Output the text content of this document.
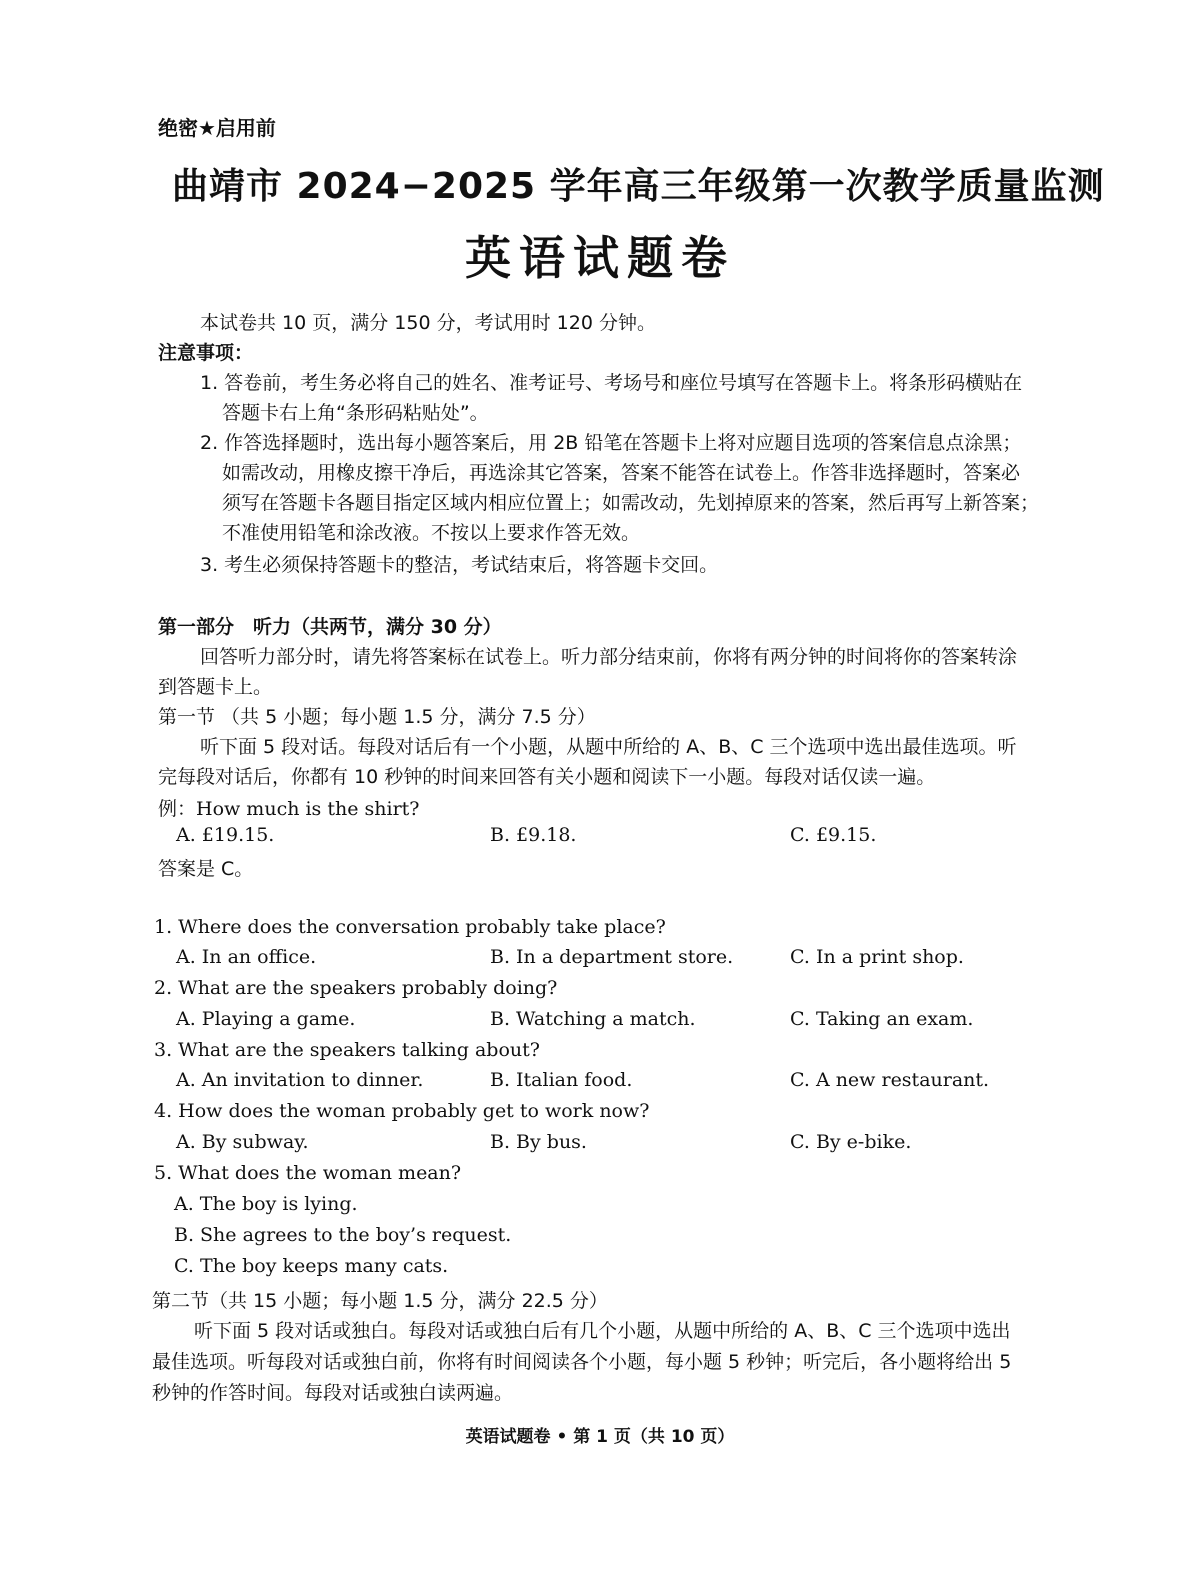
绝密★启用前
曲靖市 2024−2025 学年高三年级第一次教学质量监测
英语试题卷
本试卷共 10 页，满分 150 分，考试用时 120 分钟。
注意事项：
1. 答卷前，考生务必将自己的姓名、准考证号、考场号和座位号填写在答题卡上。将条形码横贴在
答题卡右上角“条形码粘贴处”。
2. 作答选择题时，选出每小题答案后，用 2B 铅笔在答题卡上将对应题目选项的答案信息点涂黑；
如需改动，用橡皮擦干净后，再选涂其它答案，答案不能答在试卷上。作答非选择题时，答案必
须写在答题卡各题目指定区域内相应位置上；如需改动，先划掉原来的答案，然后再写上新答案；
不准使用铅笔和涂改液。不按以上要求作答无效。
3. 考生必须保持答题卡的整洁，考试结束后，将答题卡交回。
第一部分　听力（共两节，满分 30 分）
回答听力部分时，请先将答案标在试卷上。听力部分结束前，你将有两分钟的时间将你的答案转涂
到答题卡上。
第一节 （共 5 小题；每小题 1.5 分，满分 7.5 分）
听下面 5 段对话。每段对话后有一个小题，从题中所给的 A、B、C 三个选项中选出最佳选项。听
完每段对话后，你都有 10 秒钟的时间来回答有关小题和阅读下一小题。每段对话仅读一遍。
例：How much is the shirt?
A. £19.15.	B. £9.18.	C. £9.15.
答案是 C。
1. Where does the conversation probably take place?
A. In an office.	B. In a department store.	C. In a print shop.
2. What are the speakers probably doing?
A. Playing a game.	B. Watching a match.	C. Taking an exam.
3. What are the speakers talking about?
A. An invitation to dinner.	B. Italian food.	C. A new restaurant.
4. How does the woman probably get to work now?
A. By subway.	B. By bus.	C. By e-bike.
5. What does the woman mean?
A. The boy is lying.
B. She agrees to the boy’s request.
C. The boy keeps many cats.
第二节（共 15 小题；每小题 1.5 分，满分 22.5 分）
听下面 5 段对话或独白。每段对话或独白后有几个小题，从题中所给的 A、B、C 三个选项中选出
最佳选项。听每段对话或独白前，你将有时间阅读各个小题，每小题 5 秒钟；听完后，各小题将给出 5
秒钟的作答时间。每段对话或独白读两遍。
英语试题卷 • 第 1 页（共 10 页）
